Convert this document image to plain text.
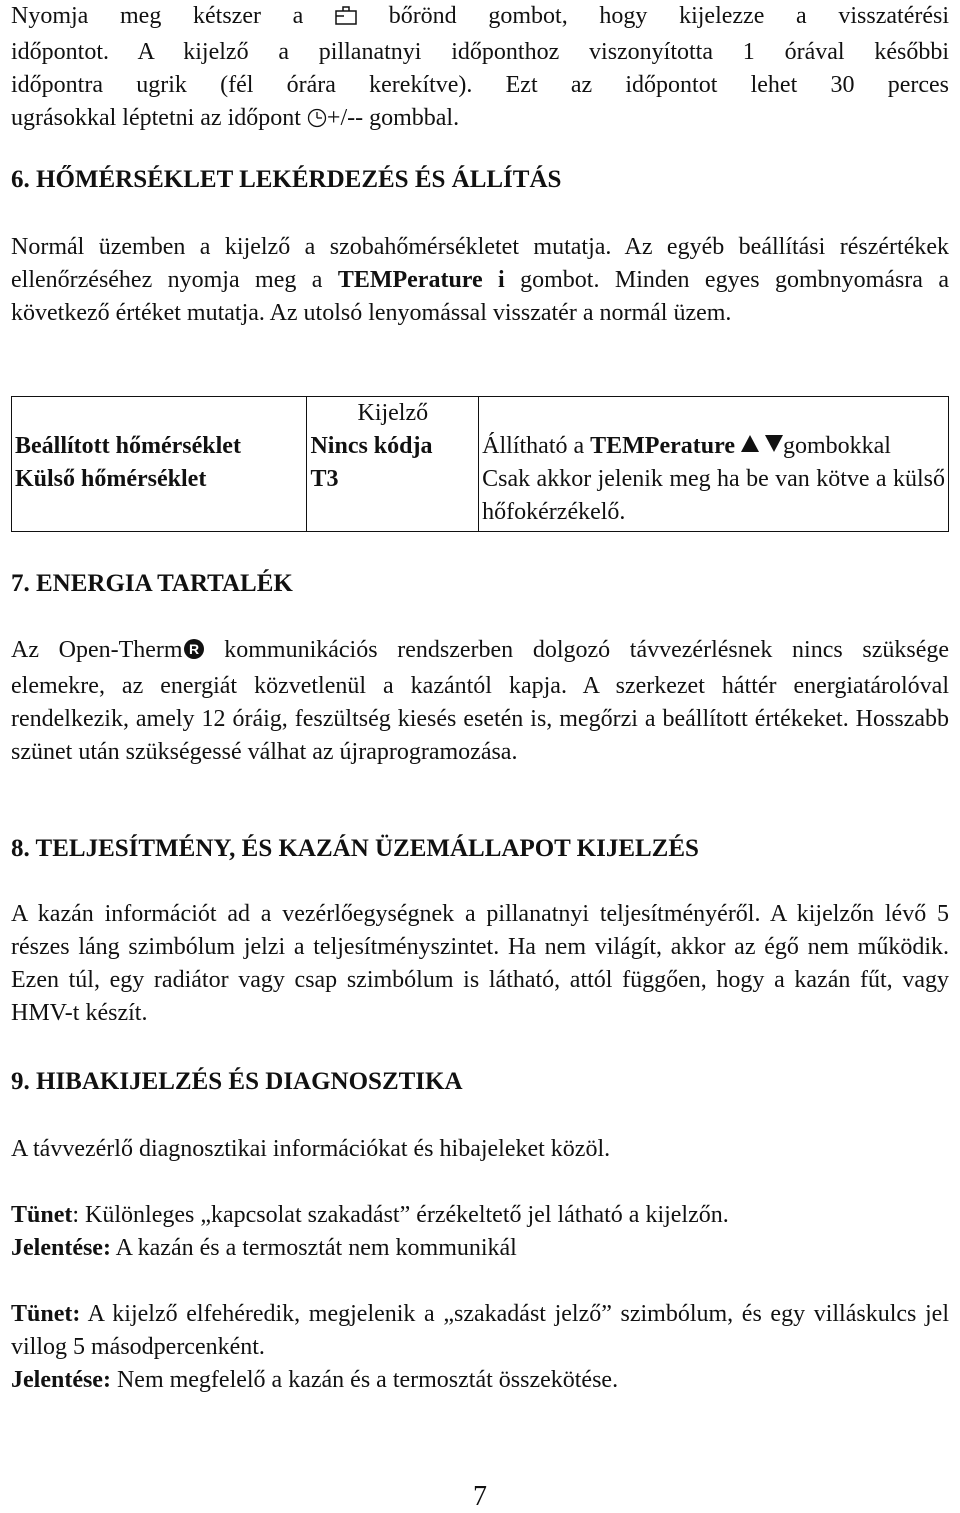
Nyomja meg kétszer a	bőrönd gombot, hogy kijelezze a visszatérési

időpontot. A kijelző a pillanatnyi időponthoz viszonyította 1 órával későbbi

időpontra ugrik (fél órára kerekítve). Ezt az időpontot lehet 30 perces

ugrásokkal léptetni az időpont +/-- gombbal.

6. HŐMÉRSÉKLET LEKÉRDEZÉS ÉS ÁLLÍTÁS

Normál üzemben a kijelző a szobahőmérsékletet mutatja. Az egyéb beállítási részértékek ellenőrzéséhez nyomja meg a TEMPerature i gombot. Minden egyes gombnyomásra a következő értéket mutatja. Az utolsó lenyomással visszatér a normál üzem.

	Kijelző	
Beállított hőmérséklet	Nincs kódja	Állítható a TEMPerature gombokkal
Külső hőmérséklet	T3	Csak akkor jelenik meg ha be van kötve a külső hőfokérzékelő.
7. ENERGIA TARTALÉK

Az Open-Therm R kommunikációs rendszerben dolgozó távvezérlésnek nincs szüksége elemekre, az energiát közvetlenül a kazántól kapja. A szerkezet háttér energiatárolóval rendelkezik, amely 12 óráig, feszültség kiesés esetén is, megőrzi a beállított értékeket. Hosszabb szünet után szükségessé válhat az újraprogramozása.

8. TELJESÍTMÉNY, ÉS KAZÁN ÜZEMÁLLAPOT KIJELZÉS

A kazán információt ad a vezérlőegységnek a pillanatnyi teljesítményéről. A kijelzőn lévő 5 részes láng szimbólum jelzi a teljesítményszintet. Ha nem világít, akkor az égő nem működik. Ezen túl, egy radiátor vagy csap szimbólum is látható, attól függően, hogy a kazán fűt, vagy HMV-t készít.

9. HIBAKIJELZÉS ÉS DIAGNOSZTIKA

A távvezérlő diagnosztikai információkat és hibajeleket közöl.

Tünet: Különleges „kapcsolat szakadást” érzékeltető jel látható a kijelzőn.

Jelentése: A kazán és a termosztát nem kommunikál

Tünet: A kijelző elfehéredik, megjelenik a „szakadást jelző” szimbólum, és egy villáskulcs jel villog 5 másodpercenként.

Jelentése: Nem megfelelő a kazán és a termosztát összekötése.

7
